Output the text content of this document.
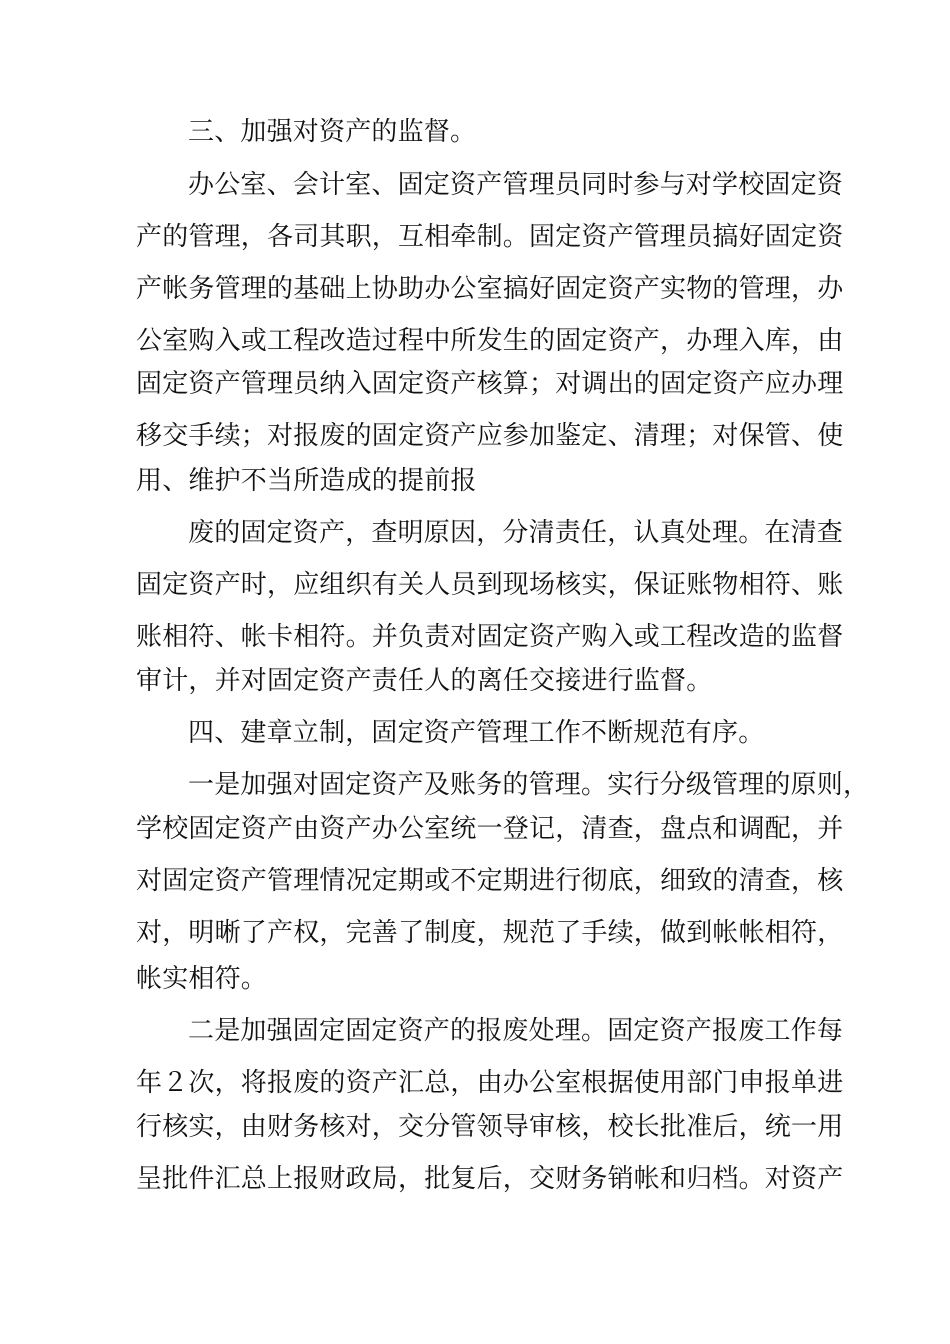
三、加强对资产的监督。
办公室、会计室、固定资产管理员同时参与对学校固定资
产的管理，各司其职，互相牵制。固定资产管理员搞好固定资
产帐务管理的基础上协助办公室搞好固定资产实物的管理，办
公室购入或工程改造过程中所发生的固定资产，办理入库，由
固定资产管理员纳入固定资产核算；对调出的固定资产应办理
移交手续；对报废的固定资产应参加鉴定、清理；对保管、使
用、维护不当所造成的提前报
废的固定资产，查明原因，分清责任，认真处理。在清查
固定资产时，应组织有关人员到现场核实，保证账物相符、账
账相符、帐卡相符。并负责对固定资产购入或工程改造的监督
审计，并对固定资产责任人的离任交接进行监督。
四、建章立制，固定资产管理工作不断规范有序。
一是加强对固定资产及账务的管理。实行分级管理的原则，
学校固定资产由资产办公室统一登记，清查，盘点和调配，并
对固定资产管理情况定期或不定期进行彻底，细致的清查，核
对，明晰了产权，完善了制度，规范了手续，做到帐帐相符，
帐实相符。
二是加强固定固定资产的报废处理。固定资产报废工作每
年２次，将报废的资产汇总，由办公室根据使用部门申报单进
行核实，由财务核对，交分管领导审核，校长批准后，统一用
呈批件汇总上报财政局，批复后，交财务销帐和归档。对资产
